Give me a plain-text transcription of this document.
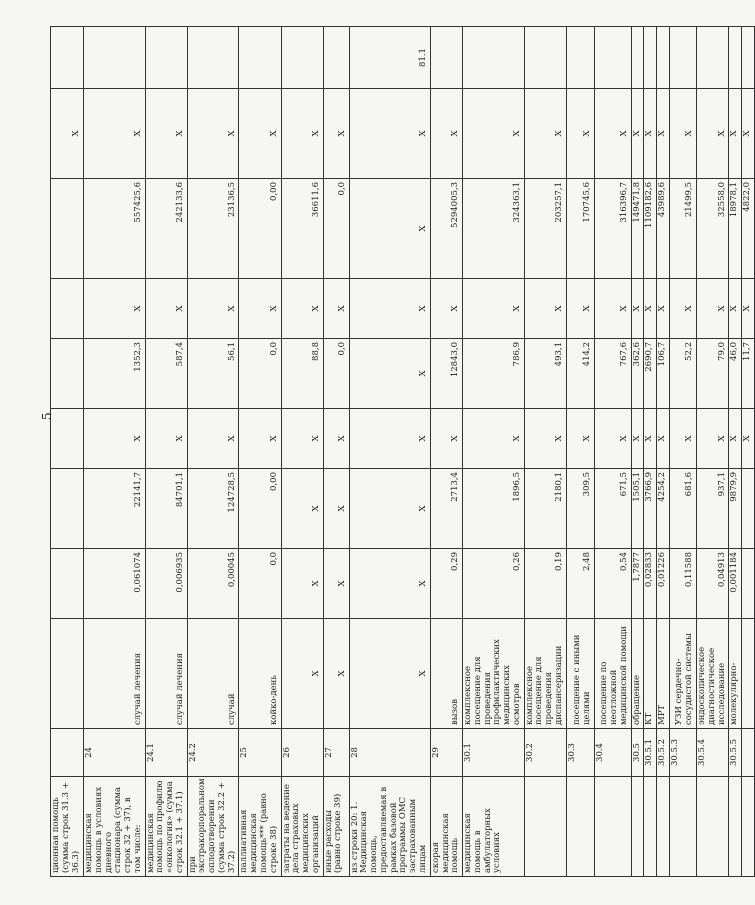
5
ционная помощь (сумма строк 31.3 + 36.3)									X	
медицинская помощь в условиях дневного стационара (сумма строк 32 + 37), в том числе:	24	случай лечения	0,061074	22141,7	X	1352,3	X	557425,6	X	
медицинская помощь по профилю «онкология» (сумма строк 32.1 + 37.1)	24.1	случай лечения	0,006935	84701,1	X	587,4	X	242133,6	X	
при экстракорпоральном оплодотворении (сумма строк 32.2 + 37.2)	24.2	случай	0,00045	124728,5	X	56,1	X	23136,5	X	
паллиативная медицинская помощь*** (равно строке 38)	25	койко-день	0,0	0,00	X	0,0	X	0,00	X	
затраты на ведение дела страховых медицинских организаций	26	X	X	X	X	88,8	X	36611,6	X	
иные расходы (равно строке 39)	27	X	X	X	X	0,0	X	0,0	X	
из строки 20: 1. Медицинская помощь, предоставляемая в рамках базовой программы ОМС застрахованным лицам	28	X	X	X	X	X	X	X	X	81.1
скорая медицинская помощь	29	вызов	0,29	2713,4	X	12843,0	X	5294005,3	X	
медицинская помощь в амбулаторных условиях	30.1	комплексное посещение для проведения профилактических медицинских осмотров	0,26	1896,5	X	786,9	X	324363,1	X	
	30.2	комплексное посещение для проведения диспансеризации	0,19	2180,1	X	493,1	X	203257,1	X	
	30.3	посещение с иными целями	2,48	309,5	X	414,2	X	170745,6	X	
	30.4	посещение по неотложной медицинской помощи	0,54	671,5	X	767,6	X	316396,7	X	
	30.5	обращение	1,7877	1505,1	X	362,6	X	149471,8	X	
	30.5.1	КТ	0,02833	3766,9	X	2690,7	X	1109182,6	X	
	30.5.2	МРТ	0,01226	4254,2	X	106,7	X	43989,6	X	
	30.5.3	УЗИ сердечно-сосудистой системы	0,11588	681,6	X	52,2	X	21499,5	X	
	30.5.4	эндоскопическое диагностическое исследование	0,04913	937,1	X	79,0	X	32558,0	X	
	30.5.5	молекулярно-	0,001184	9879,9	X	46,0	X	18978,1	X	
					X	11,7	X	4822,0	X	
